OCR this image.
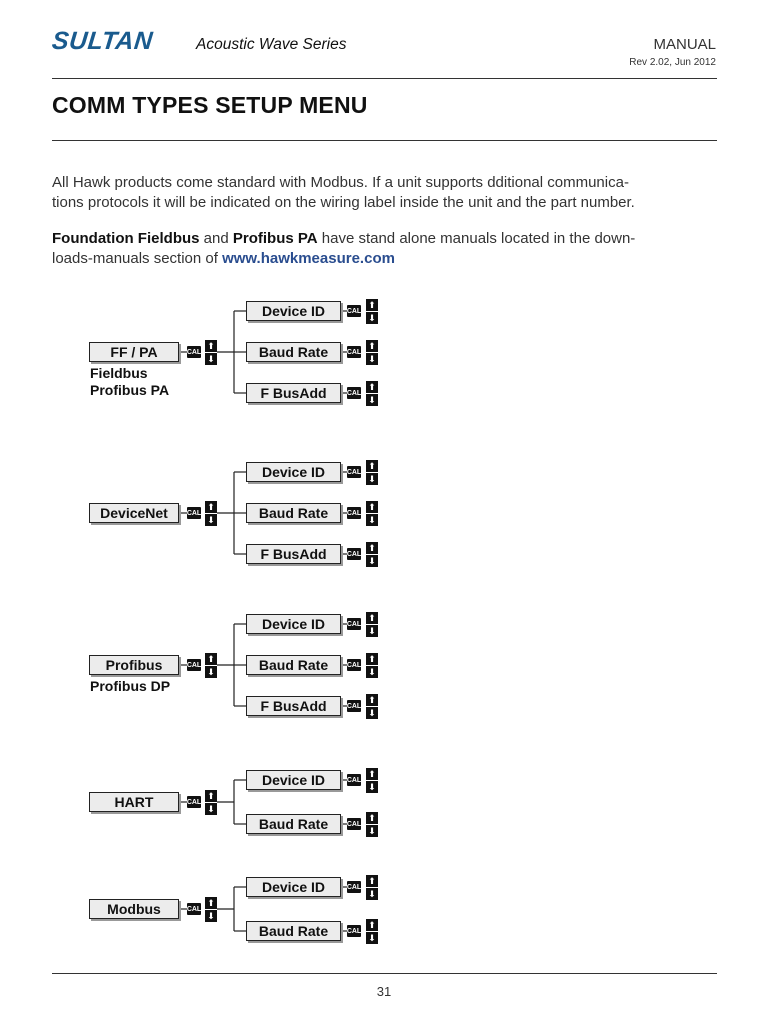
SULTAN	Acoustic Wave Series	MANUAL
Rev 2.02, Jun 2012
COMM TYPES SETUP MENU
All Hawk products come standard with Modbus. If a unit supports dditional communica-
tions protocols it will be indicated on the wiring label inside the unit and the part number.
Foundation Fieldbus and Profibus PA have stand alone manuals located in the down-
loads-manuals section of www.hawkmeasure.com
FF / PA	CAL
⬆
⬇
Fieldbus
Profibus PA
Device ID	CAL
⬆
⬇
Baud Rate	CAL
⬆
⬇
F BusAdd	CAL
⬆
⬇
DeviceNet	CAL
⬆
⬇
Device ID	CAL
⬆
⬇
Baud Rate	CAL
⬆
⬇
F BusAdd	CAL
⬆
⬇
Profibus	CAL
⬆
⬇
Profibus DP
Device ID	CAL
⬆
⬇
Baud Rate	CAL
⬆
⬇
F BusAdd	CAL
⬆
⬇
HART	CAL
⬆
⬇
Device ID	CAL
⬆
⬇
Baud Rate	CAL
⬆
⬇
Modbus	CAL
⬆
⬇
Device ID	CAL
⬆
⬇
Baud Rate	CAL
⬆
⬇
31
